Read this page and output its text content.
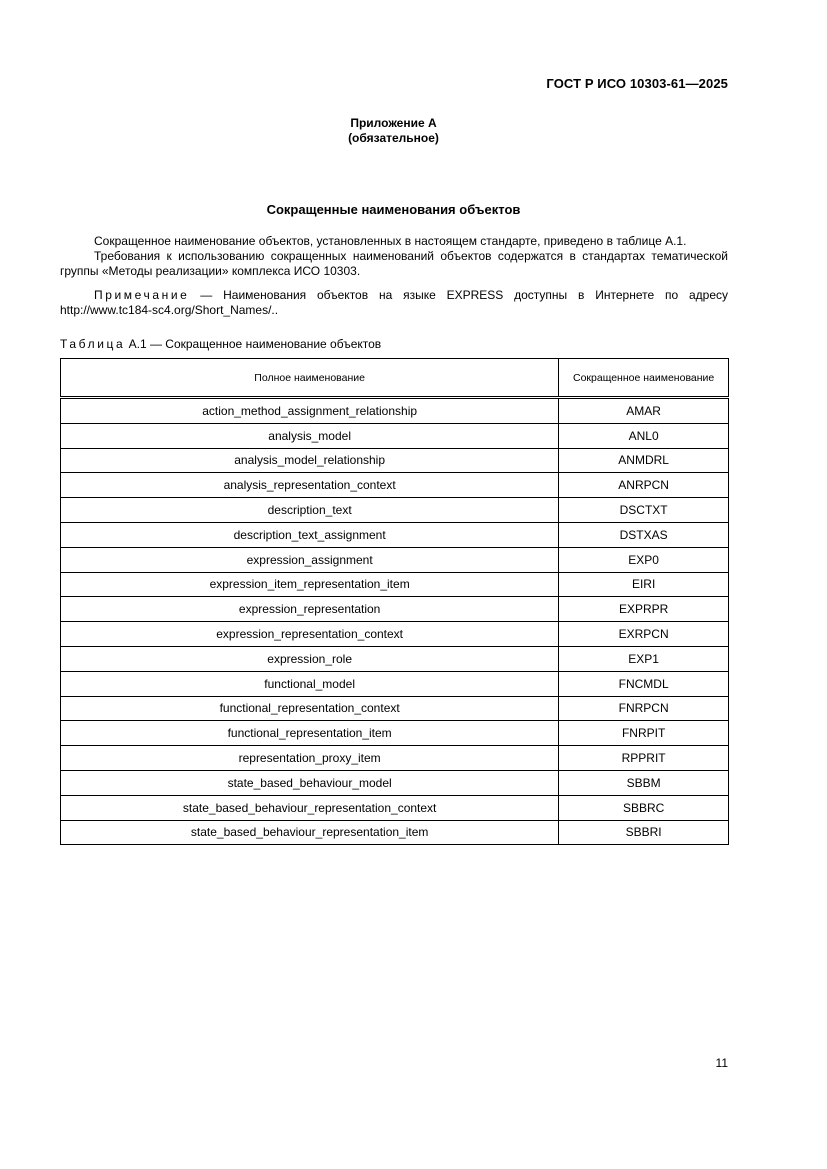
ГОСТ Р ИСО 10303-61—2025
Приложение А
(обязательное)
Сокращенные наименования объектов
Сокращенное наименование объектов, установленных в настоящем стандарте, приведено в таблице А.1.
Требования к использованию сокращенных наименований объектов содержатся в стандартах тематической группы «Методы реализации» комплекса ИСО 10303.
Примечание — Наименования объектов на языке EXPRESS доступны в Интернете по адресу http://www.tc184-sc4.org/Short_Names/..
Таблица А.1 — Сокращенное наименование объектов
Полное наименование	Сокращенное наименование
action_method_assignment_relationship	AMAR
analysis_model	ANL0
analysis_model_relationship	ANMDRL
analysis_representation_context	ANRPCN
description_text	DSCTXT
description_text_assignment	DSTXAS
expression_assignment	EXP0
expression_item_representation_item	EIRI
expression_representation	EXPRPR
expression_representation_context	EXRPCN
expression_role	EXP1
functional_model	FNCMDL
functional_representation_context	FNRPCN
functional_representation_item	FNRPIT
representation_proxy_item	RPPRIT
state_based_behaviour_model	SBBM
state_based_behaviour_representation_context	SBBRC
state_based_behaviour_representation_item	SBBRI
11
